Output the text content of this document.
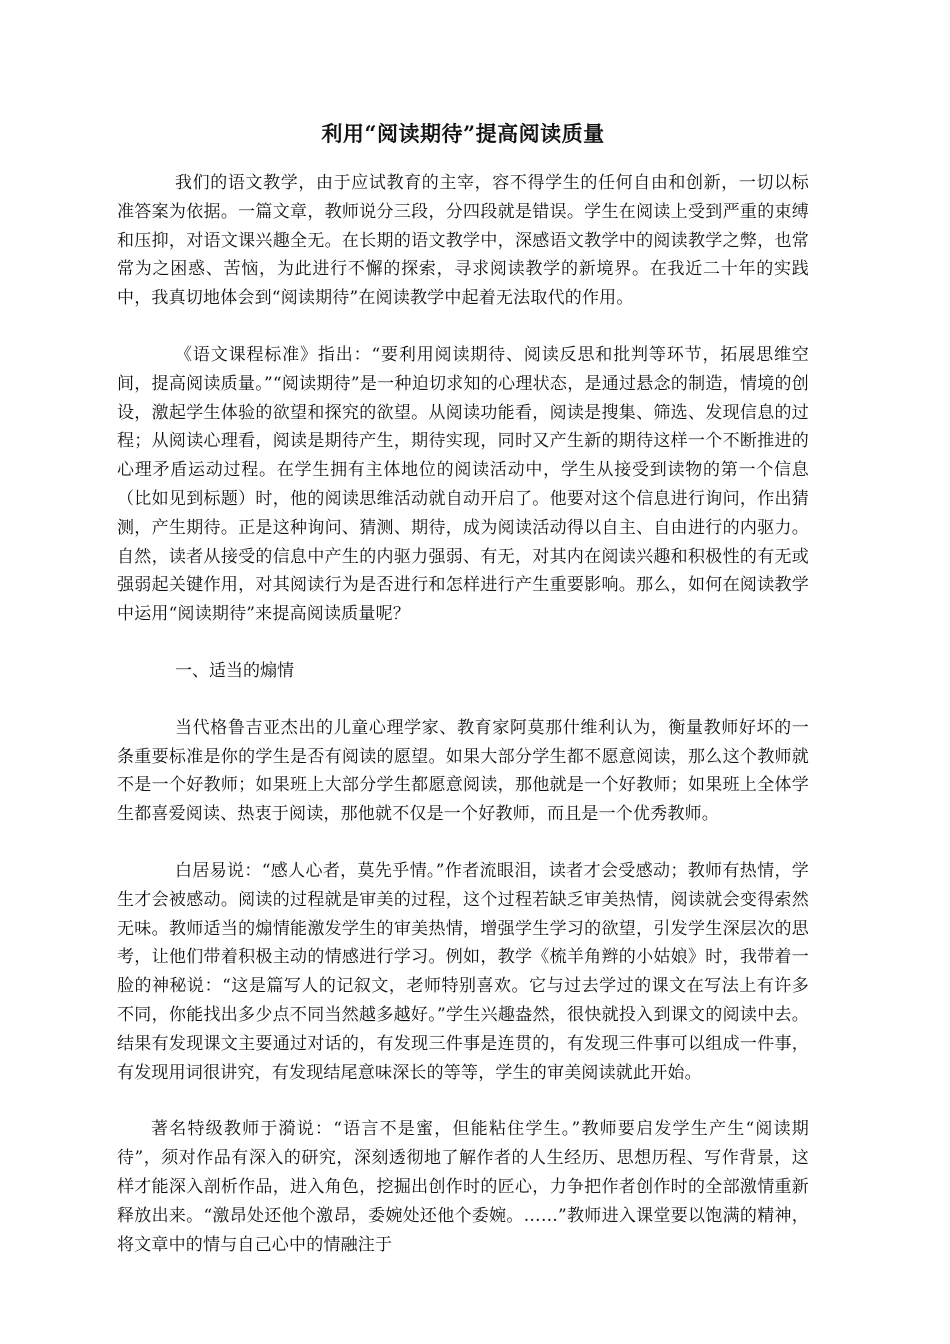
利用“阅读期待”提高阅读质量

我们的语文教学，由于应试教育的主宰，容不得学生的任何自由和创新，一切以标准答案为依据。一篇文章，教师说分三段，分四段就是错误。学生在阅读上受到严重的束缚和压抑，对语文课兴趣全无。在长期的语文教学中，深感语文教学中的阅读教学之弊，也常常为之困惑、苦恼，为此进行不懈的探索，寻求阅读教学的新境界。在我近二十年的实践中，我真切地体会到“阅读期待”在阅读教学中起着无法取代的作用。

《语文课程标准》指出：“要利用阅读期待、阅读反思和批判等环节，拓展思维空间，提高阅读质量。”“阅读期待”是一种迫切求知的心理状态，是通过悬念的制造，情境的创设，激起学生体验的欲望和探究的欲望。从阅读功能看，阅读是搜集、筛选、发现信息的过程；从阅读心理看，阅读是期待产生，期待实现，同时又产生新的期待这样一个不断推进的心理矛盾运动过程。在学生拥有主体地位的阅读活动中，学生从接受到读物的第一个信息（比如见到标题）时，他的阅读思维活动就自动开启了。他要对这个信息进行询问，作出猜测，产生期待。正是这种询问、猜测、期待，成为阅读活动得以自主、自由进行的内驱力。自然，读者从接受的信息中产生的内驱力强弱、有无，对其内在阅读兴趣和积极性的有无或强弱起关键作用，对其阅读行为是否进行和怎样进行产生重要影响。那么，如何在阅读教学中运用“阅读期待”来提高阅读质量呢？

一、适当的煽情

当代格鲁吉亚杰出的儿童心理学家、教育家阿莫那什维利认为，衡量教师好坏的一条重要标准是你的学生是否有阅读的愿望。如果大部分学生都不愿意阅读，那么这个教师就不是一个好教师；如果班上大部分学生都愿意阅读，那他就是一个好教师；如果班上全体学生都喜爱阅读、热衷于阅读，那他就不仅是一个好教师，而且是一个优秀教师。

白居易说：“感人心者，莫先乎情。”作者流眼泪，读者才会受感动；教师有热情，学生才会被感动。阅读的过程就是审美的过程，这个过程若缺乏审美热情，阅读就会变得索然无味。教师适当的煽情能激发学生的审美热情，增强学生学习的欲望，引发学生深层次的思考，让他们带着积极主动的情感进行学习。例如，教学《梳羊角辫的小姑娘》时，我带着一脸的神秘说：“这是篇写人的记叙文，老师特别喜欢。它与过去学过的课文在写法上有许多不同，你能找出多少点不同当然越多越好。”学生兴趣盎然，很快就投入到课文的阅读中去。结果有发现课文主要通过对话的，有发现三件事是连贯的，有发现三件事可以组成一件事，有发现用词很讲究，有发现结尾意味深长的等等，学生的审美阅读就此开始。

著名特级教师于漪说：“语言不是蜜，但能粘住学生。”教师要启发学生产生“阅读期待”，须对作品有深入的研究，深刻透彻地了解作者的人生经历、思想历程、写作背景，这样才能深入剖析作品，进入角色，挖掘出创作时的匠心，力争把作者创作时的全部激情重新释放出来。“激昂处还他个激昂，委婉处还他个委婉。……”教师进入课堂要以饱满的精神，将文章中的情与自己心中的情融注于
